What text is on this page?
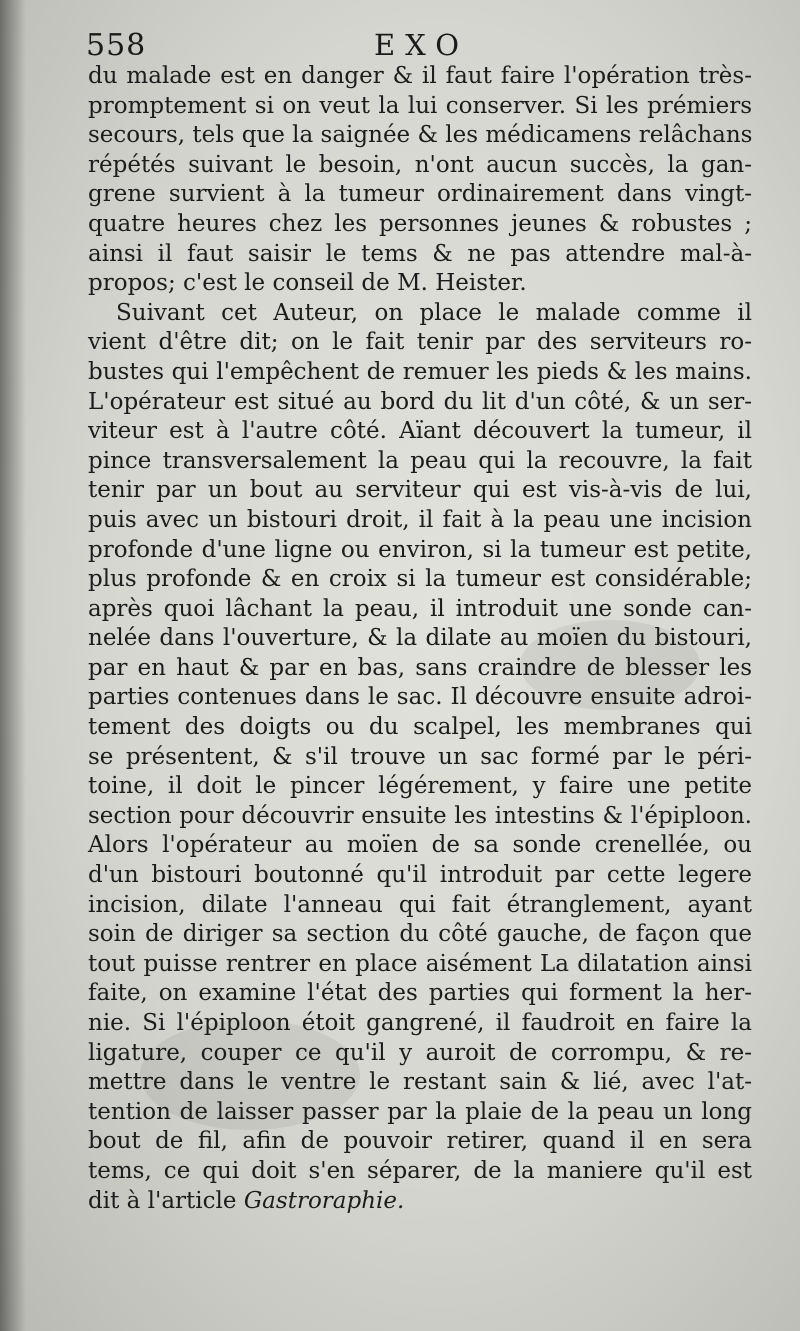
558	EXO
du malade est en danger & il faut faire l'opération très-
promptement si on veut la lui conserver. Si les prémiers
secours, tels que la saignée & les médicamens relâchans
répétés suivant le besoin, n'ont aucun succès, la gan-
grene survient à la tumeur ordinairement dans vingt-
quatre heures chez les personnes jeunes & robustes ;
ainsi il faut saisir le tems & ne pas attendre mal-à-
propos; c'est le conseil de M. Heister.
Suivant cet Auteur, on place le malade comme il
vient d'être dit; on le fait tenir par des serviteurs ro-
bustes qui l'empêchent de remuer les pieds & les mains.
L'opérateur est situé au bord du lit d'un côté, & un ser-
viteur est à l'autre côté. Aïant découvert la tumeur, il
pince transversalement la peau qui la recouvre, la fait
tenir par un bout au serviteur qui est vis-à-vis de lui,
puis avec un bistouri droit, il fait à la peau une incision
profonde d'une ligne ou environ, si la tumeur est petite,
plus profonde & en croix si la tumeur est considérable;
après quoi lâchant la peau, il introduit une sonde can-
nelée dans l'ouverture, & la dilate au moïen du bistouri,
par en haut & par en bas, sans craindre de blesser les
parties contenues dans le sac. Il découvre ensuite adroi-
tement des doigts ou du scalpel, les membranes qui
se présentent, & s'il trouve un sac formé par le péri-
toine, il doit le pincer légérement, y faire une petite
section pour découvrir ensuite les intestins & l'épiploon.
Alors l'opérateur au moïen de sa sonde crenellée, ou
d'un bistouri boutonné qu'il introduit par cette legere
incision, dilate l'anneau qui fait étranglement, ayant
soin de diriger sa section du côté gauche, de façon que
tout puisse rentrer en place aisément La dilatation ainsi
faite, on examine l'état des parties qui forment la her-
nie. Si l'épiploon étoit gangrené, il faudroit en faire la
ligature, couper ce qu'il y auroit de corrompu, & re-
mettre dans le ventre le restant sain & lié, avec l'at-
tention de laisser passer par la plaie de la peau un long
bout de fil, afin de pouvoir retirer, quand il en sera
tems, ce qui doit s'en séparer, de la maniere qu'il est
dit à l'article Gastroraphie.
